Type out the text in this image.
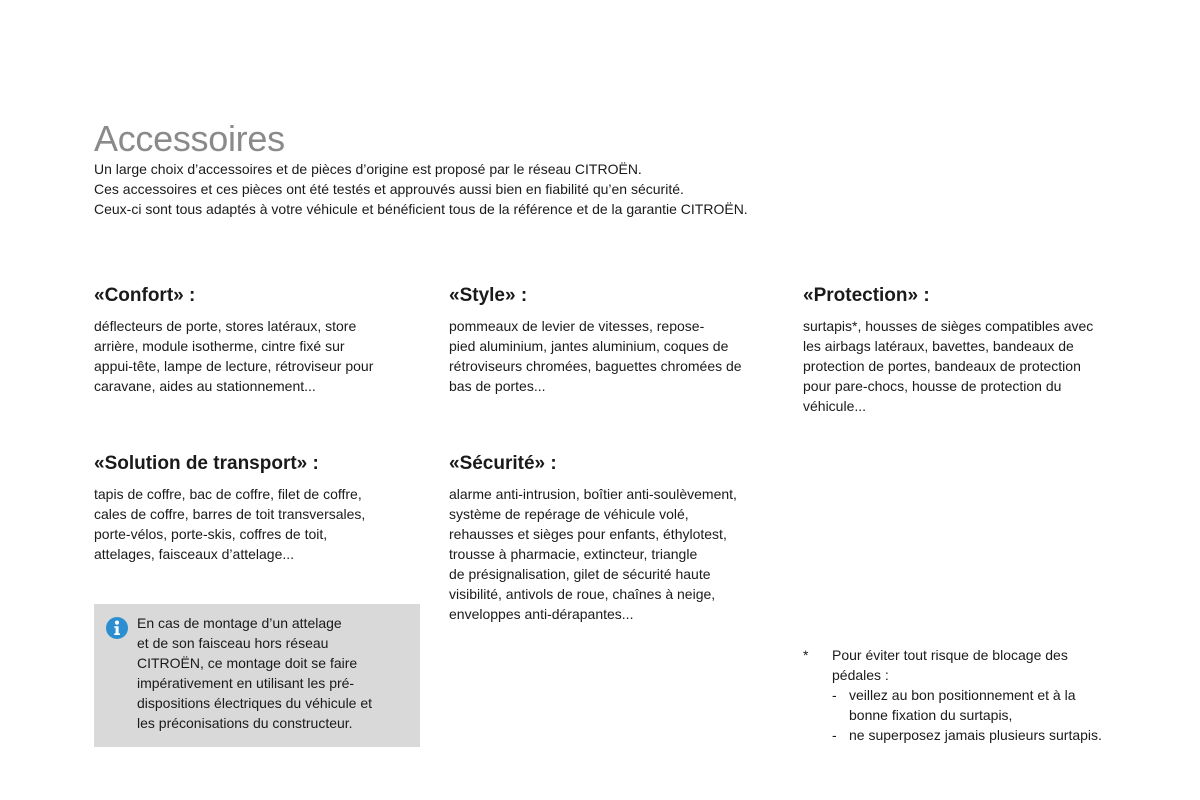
Accessoires
Un large choix d’accessoires et de pièces d’origine est proposé par le réseau CITROËN.
Ces accessoires et ces pièces ont été testés et approuvés aussi bien en fiabilité qu’en sécurité.
Ceux-ci sont tous adaptés à votre véhicule et bénéficient tous de la référence et de la garantie CITROËN.
«Confort» :
déflecteurs de porte, stores latéraux, store
arrière, module isotherme, cintre fixé sur
appui-tête, lampe de lecture, rétroviseur pour
caravane, aides au stationnement...
«Style» :
pommeaux de levier de vitesses, repose-
pied aluminium, jantes aluminium, coques de
rétroviseurs chromées, baguettes chromées de
bas de portes...
«Protection» :
surtapis*, housses de sièges compatibles avec
les airbags latéraux, bavettes, bandeaux de
protection de portes, bandeaux de protection
pour pare-chocs, housse de protection du
véhicule...
«Solution de transport» :
tapis de coffre, bac de coffre, filet de coffre,
cales de coffre, barres de toit transversales,
porte-vélos, porte-skis, coffres de toit,
attelages, faisceaux d’attelage...
«Sécurité» :
alarme anti-intrusion, boîtier anti-soulèvement,
système de repérage de véhicule volé,
rehausses et sièges pour enfants, éthylotest,
trousse à pharmacie, extincteur, triangle
de présignalisation, gilet de sécurité haute
visibilité, antivols de roue, chaînes à neige,
enveloppes anti-dérapantes...
En cas de montage d’un attelage
et de son faisceau hors réseau
CITROËN, ce montage doit se faire
impérativement en utilisant les pré-
dispositions électriques du véhicule et
les préconisations du constructeur.
* Pour éviter tout risque de blocage des
pédales :
- veillez au bon positionnement et à la
bonne fixation du surtapis,
- ne superposez jamais plusieurs surtapis.
